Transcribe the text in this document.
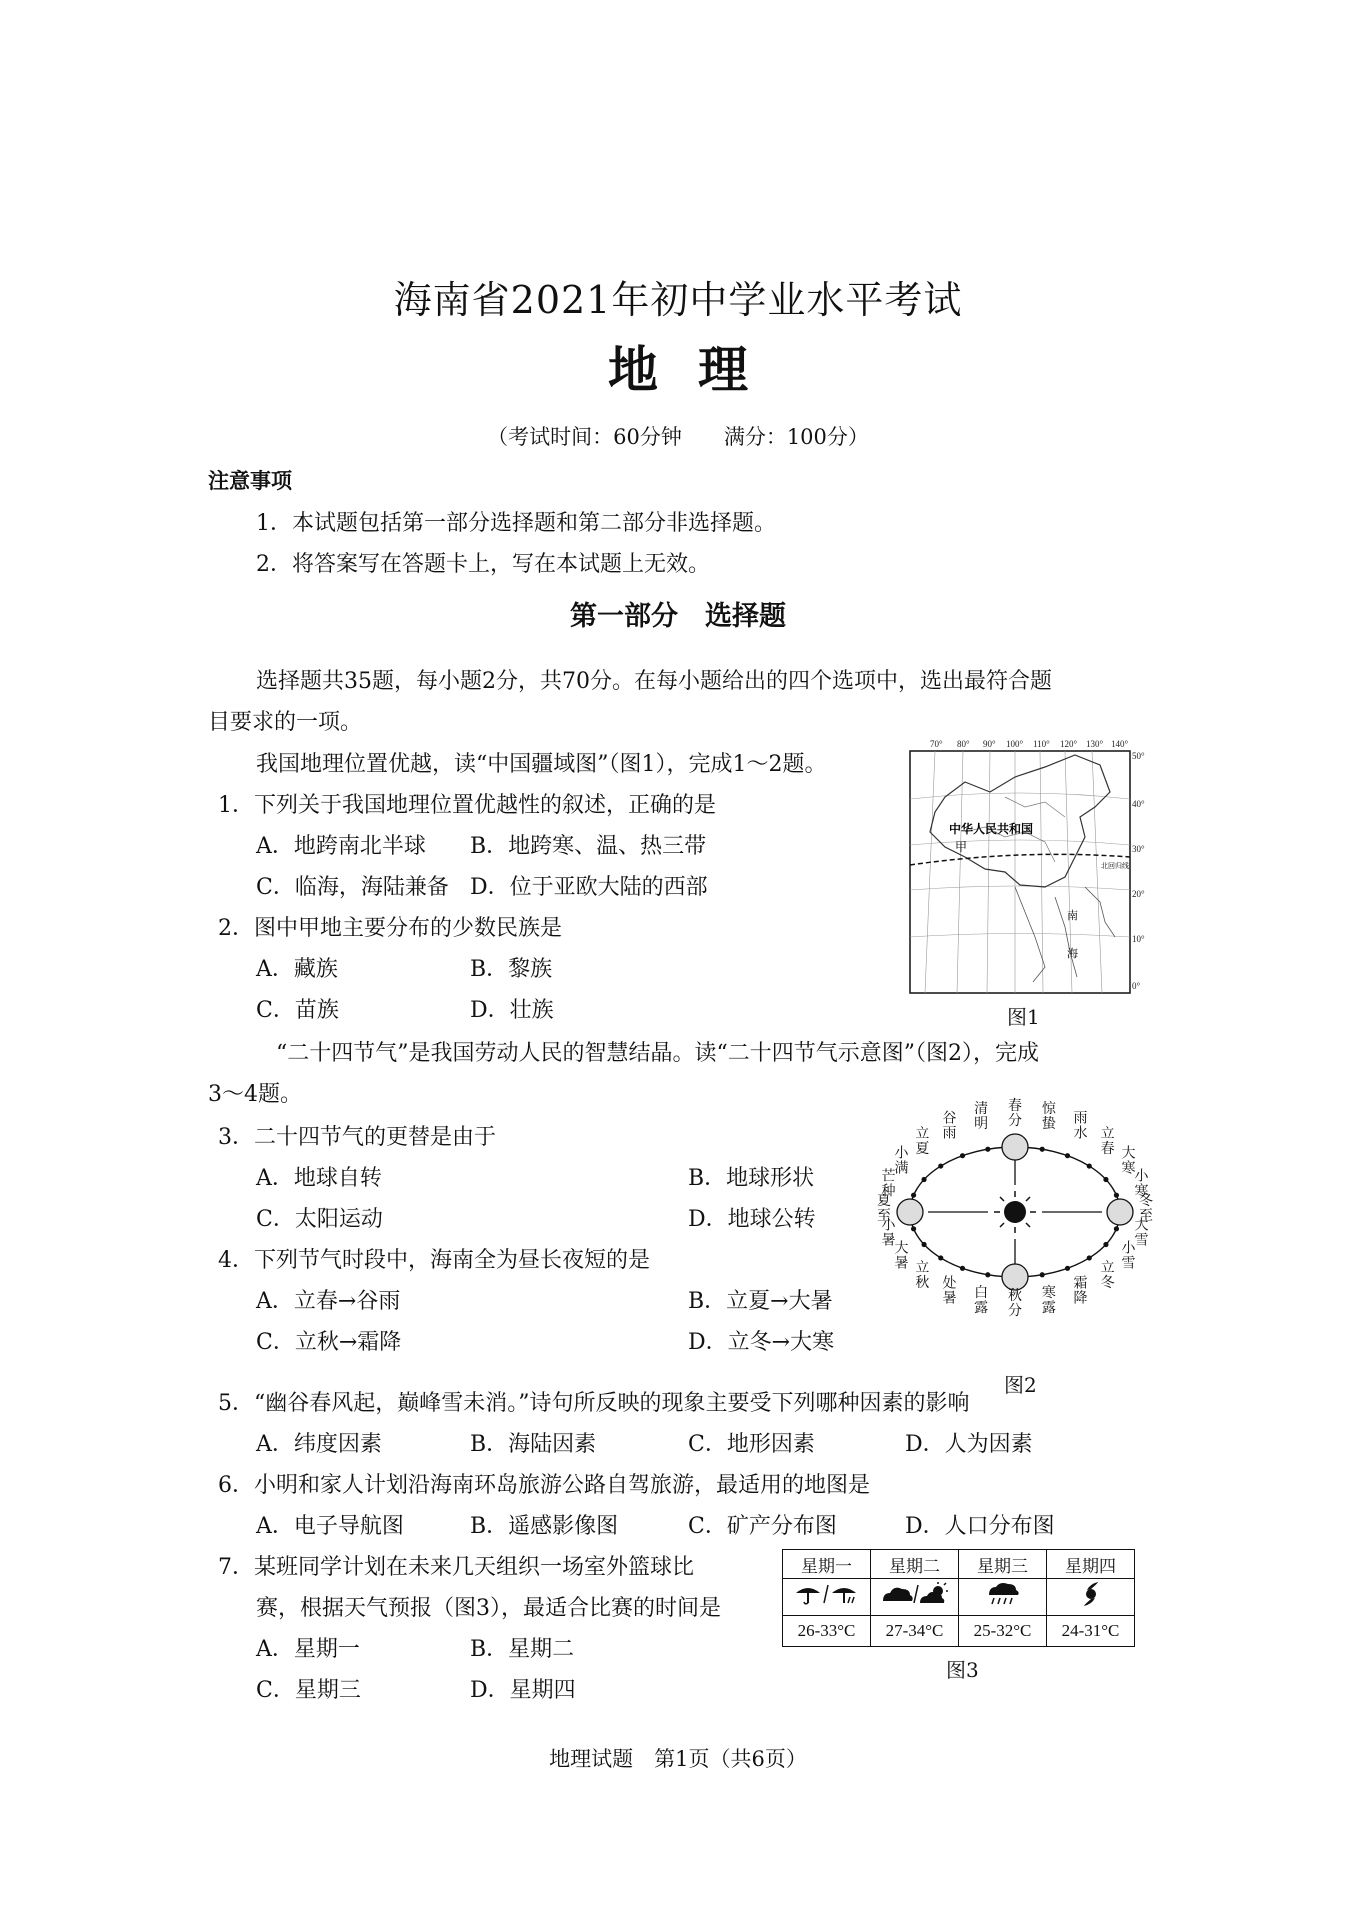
海南省2021年初中学业水平考试
地理
（考试时间：60分钟　　满分：100分）
注意事项
1．本试题包括第一部分选择题和第二部分非选择题。
2．将答案写在答题卡上，写在本试题上无效。
第一部分　选择题
选择题共35题，每小题2分，共70分。在每小题给出的四个选项中，选出最符合题
目要求的一项。
我国地理位置优越，读“中国疆域图”（图1），完成1～2题。
1．下列关于我国地理位置优越性的叙述，正确的是
A．地跨南北半球 B．地跨寒、温、热三带
C．临海，海陆兼备 D．位于亚欧大陆的西部
2．图中甲地主要分布的少数民族是
A．藏族	B．黎族
C．苗族	D．壮族
70° 80° 90° 100° 110° 120° 130° 140°
50°
40°
30°
20°
10°
0°
中华人民共和国
甲
北回归线
南
海
图1
“二十四节气”是我国劳动人民的智慧结晶。读“二十四节气示意图”（图2），完成
3～4题。
3．二十四节气的更替是由于
A．地球自转	B．地球形状
C．太阳运动	D．地球公转
4．下列节气时段中，海南全为昼长夜短的是
A．立春→谷雨	B．立夏→大暑
C．立秋→霜降	D．立冬→大寒
春分
清明
谷雨
立夏
小满
芒种
夏至
小暑 大暑 立秋 处暑 白露
秋分
寒露
霜降
立冬
小雪
大雪
冬至
小寒
大寒
立春
雨水
惊蛰
图2
5．“幽谷春风起，巅峰雪未消。”诗句所反映的现象主要受下列哪种因素的影响
A．纬度因素	B．海陆因素	C．地形因素	D．人为因素
6．小明和家人计划沿海南环岛旅游公路自驾旅游，最适用的地图是
A．电子导航图	B．遥感影像图	C．矿产分布图	D．人口分布图
7．某班同学计划在未来几天组织一场室外篮球比
赛，根据天气预报（图3），最适合比赛的时间是
A．星期一	B．星期二
C．星期三	D．星期四
星期一	星期二	星期三	星期四

26-33°C	27-34°C	25-32°C	24-31°C
图3
地理试题　第1页（共6页）
